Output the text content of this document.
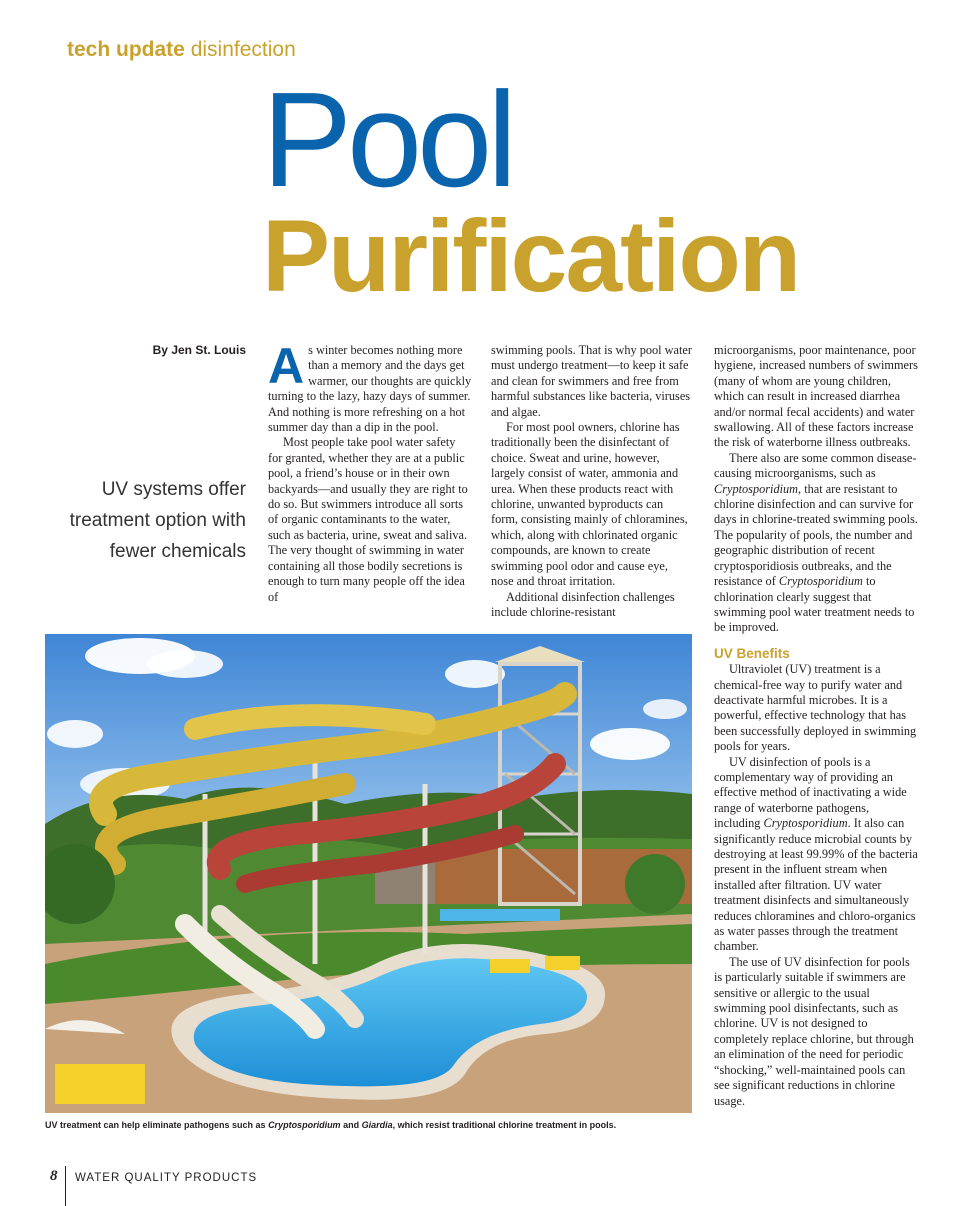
tech update disinfection
Pool
Purification
By Jen St. Louis
UV systems offer
treatment option with
fewer chemicals

As winter becomes nothing more than a memory and the days get warmer, our thoughts are quickly turning to the lazy, hazy days of summer. And nothing is more refreshing on a hot summer day than a dip in the pool.

Most people take pool water safety for granted, whether they are at a public pool, a friend’s house or in their own backyards—and usually they are right to do so. But swimmers introduce all sorts of organic contaminants to the water, such as bacteria, urine, sweat and saliva. The very thought of swimming in water containing all those bodily secretions is enough to turn many people off the idea of

swimming pools. That is why pool water must undergo treatment—to keep it safe and clean for swimmers and free from harmful substances like bacteria, viruses and algae.

For most pool owners, chlorine has traditionally been the disinfectant of choice. Sweat and urine, however, largely consist of water, ammonia and urea. When these products react with chlorine, unwanted byproducts can form, consisting mainly of chloramines, which, along with chlorinated organic compounds, are known to create swimming pool odor and cause eye, nose and throat irritation.

Additional disinfection challenges include chlorine-resistant

microorganisms, poor maintenance, poor hygiene, increased numbers of swimmers (many of whom are young children, which can result in increased diarrhea and/or normal fecal accidents) and water swallowing. All of these factors increase the risk of waterborne illness outbreaks.

There also are some common disease-causing microorganisms, such as Cryptosporidium, that are resistant to chlorine disinfection and can survive for days in chlorine-treated swimming pools. The popularity of pools, the number and geographic distribution of recent cryptosporidiosis outbreaks, and the resistance of Cryptosporidium to chlorination clearly suggest that swimming pool water treatment needs to be improved.

UV Benefits

Ultraviolet (UV) treatment is a chemical-free way to purify water and deactivate harmful microbes. It is a powerful, effective technology that has been successfully deployed in swimming pools for years.

UV disinfection of pools is a complementary way of providing an effective method of inactivating a wide range of waterborne pathogens, including Cryptosporidium. It also can significantly reduce microbial counts by destroying at least 99.99% of the bacteria present in the influent stream when installed after filtration. UV water treatment disinfects and simultaneously reduces chloramines and chloro-organics as water passes through the treatment chamber.

The use of UV disinfection for pools is particularly suitable if swimmers are sensitive or allergic to the usual swimming pool disinfectants, such as chlorine. UV is not designed to completely replace chlorine, but through an elimination of the need for periodic “shocking,” well-maintained pools can see significant reductions in chlorine usage.

UV treatment can help eliminate pathogens such as Cryptosporidium and Giardia, which resist traditional chlorine treatment in pools.
8 WATER QUALITY PRODUCTS
